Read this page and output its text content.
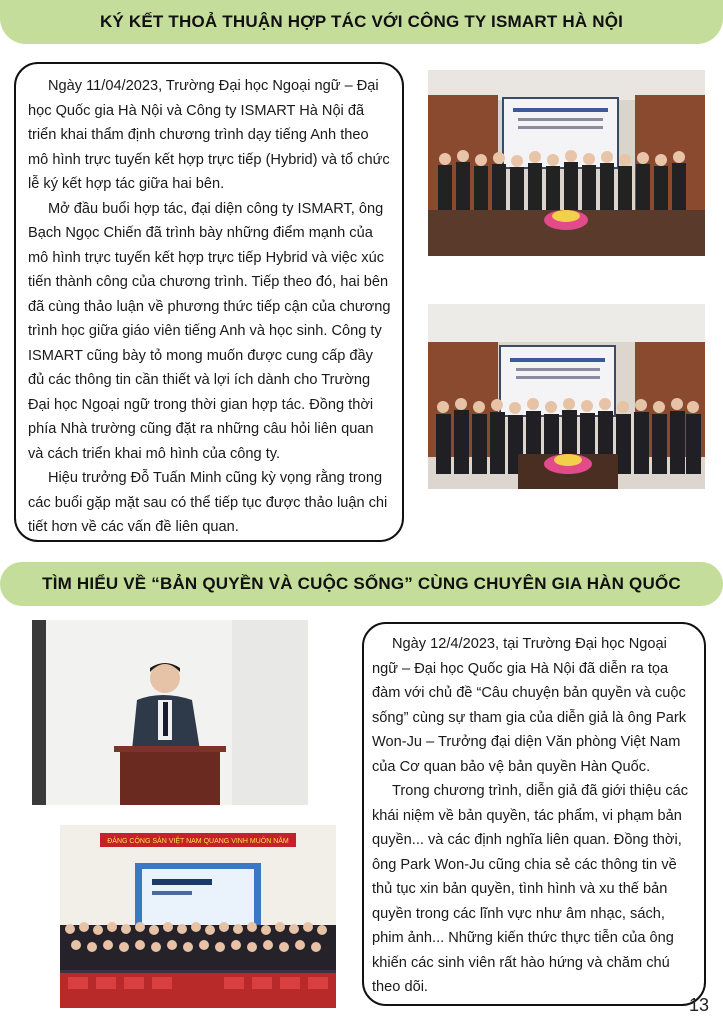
KÝ KẾT THOẢ THUẬN HỢP TÁC VỚI CÔNG TY ISMART HÀ NỘI

Ngày 11/04/2023, Trường Đại học Ngoại ngữ – Đại học Quốc gia Hà Nội và Công ty ISMART Hà Nội đã triển khai thẩm định chương trình dạy tiếng Anh theo mô hình trực tuyến kết hợp trực tiếp (Hybrid) và tổ chức lễ ký kết hợp tác giữa hai bên.

Mở đầu buổi hợp tác, đại diện công ty ISMART, ông Bạch Ngọc Chiến đã trình bày những điểm mạnh của mô hình trực tuyến kết hợp trực tiếp Hybrid và việc xúc tiến thành công của chương trình. Tiếp theo đó, hai bên đã cùng thảo luận về phương thức tiếp cận của chương trình học giữa giáo viên tiếng Anh và học sinh. Công ty ISMART cũng bày tỏ mong muốn được cung cấp đầy đủ các thông tin cần thiết và lợi ích dành cho Trường Đại học Ngoại ngữ trong thời gian hợp tác. Đồng thời phía Nhà trường cũng đặt ra những câu hỏi liên quan và cách triển khai mô hình của công ty.

Hiệu trưởng Đỗ Tuấn Minh cũng kỳ vọng rằng trong các buổi gặp mặt sau có thể tiếp tục được thảo luận chi tiết hơn về các vấn đề liên quan.

TÌM HIỂU VỀ “BẢN QUYỀN VÀ CUỘC SỐNG” CÙNG CHUYÊN GIA HÀN QUỐC
ĐẢNG CỘNG SẢN VIỆT NAM QUANG VINH MUÔN NĂM

Ngày 12/4/2023, tại Trường Đại học Ngoại ngữ – Đại học Quốc gia Hà Nội đã diễn ra tọa đàm với chủ đề “Câu chuyện bản quyền và cuộc sống” cùng sự tham gia của diễn giả là ông Park Won-Ju – Trưởng đại diện Văn phòng Việt Nam của Cơ quan bảo vệ bản quyền Hàn Quốc.

Trong chương trình, diễn giả đã giới thiệu các khái niệm về bản quyền, tác phẩm, vi phạm bản quyền... và các định nghĩa liên quan. Đồng thời, ông Park Won-Ju cũng chia sẻ các thông tin về thủ tục xin bản quyền, tình hình và xu thế bản quyền trong các lĩnh vực như âm nhạc, sách, phim ảnh... Những kiến thức thực tiễn của ông khiến các sinh viên rất hào hứng và chăm chú theo dõi.

13
